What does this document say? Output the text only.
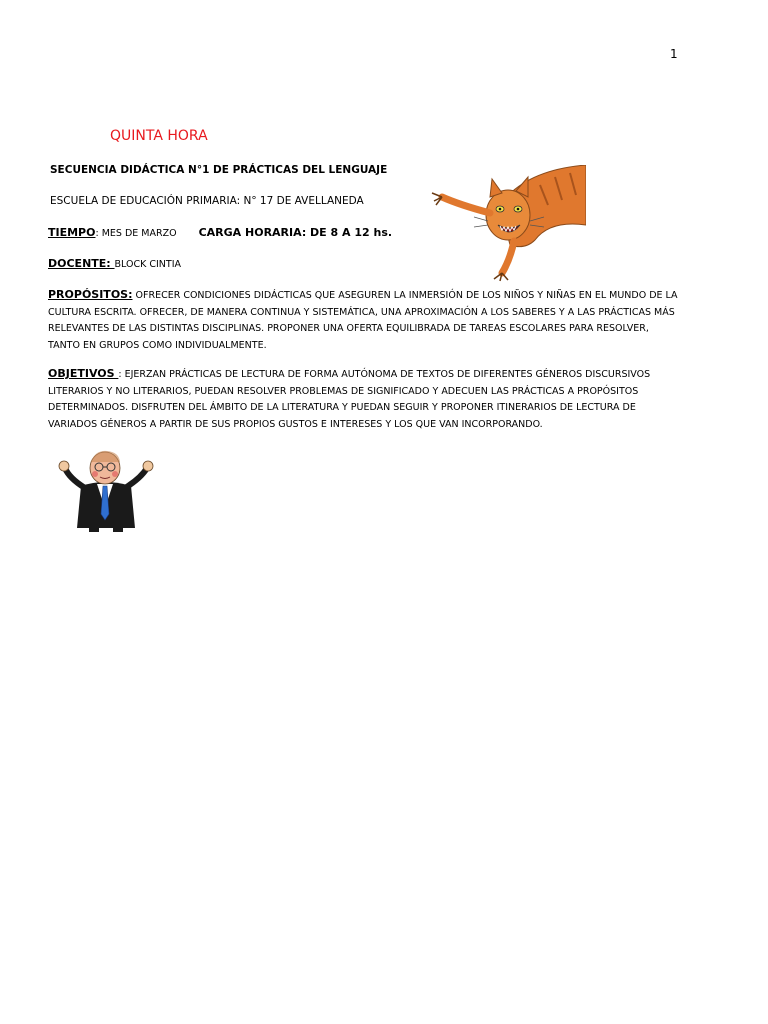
1
QUINTA HORA
SECUENCIA DIDÁCTICA N°1 DE PRÁCTICAS DEL LENGUAJE
ESCUELA DE EDUCACIÓN PRIMARIA: N° 17 DE AVELLANEDA
TIEMPO: MES DE MARZO CARGA HORARIA: DE 8 A 12 hs.
DOCENTE: BLOCK CINTIA
PROPÓSITOS: OFRECER CONDICIONES DIDÁCTICAS QUE ASEGUREN LA INMERSIÓN DE LOS NIÑOS Y NIÑAS EN EL MUNDO DE LA CULTURA ESCRITA. OFRECER, DE MANERA CONTINUA Y SISTEMÁTICA, UNA APROXIMACIÓN A LOS SABERES Y A LAS PRÁCTICAS MÁS RELEVANTES DE LAS DISTINTAS DISCIPLINAS. PROPONER UNA OFERTA EQUILIBRADA DE TAREAS ESCOLARES PARA RESOLVER, TANTO EN GRUPOS COMO INDIVIDUALMENTE.
OBJETIVOS : EJERZAN PRÁCTICAS DE LECTURA DE FORMA AUTÓNOMA DE TEXTOS DE DIFERENTES GÉNEROS DISCURSIVOS LITERARIOS Y NO LITERARIOS, PUEDAN RESOLVER PROBLEMAS DE SIGNIFICADO Y ADECUEN LAS PRÁCTICAS A PROPÓSITOS DETERMINADOS. DISFRUTEN DEL ÁMBITO DE LA LITERATURA Y PUEDAN SEGUIR Y PROPONER ITINERARIOS DE LECTURA DE VARIADOS GÉNEROS A PARTIR DE SUS PROPIOS GUSTOS E INTERESES Y LOS QUE VAN INCORPORANDO.
